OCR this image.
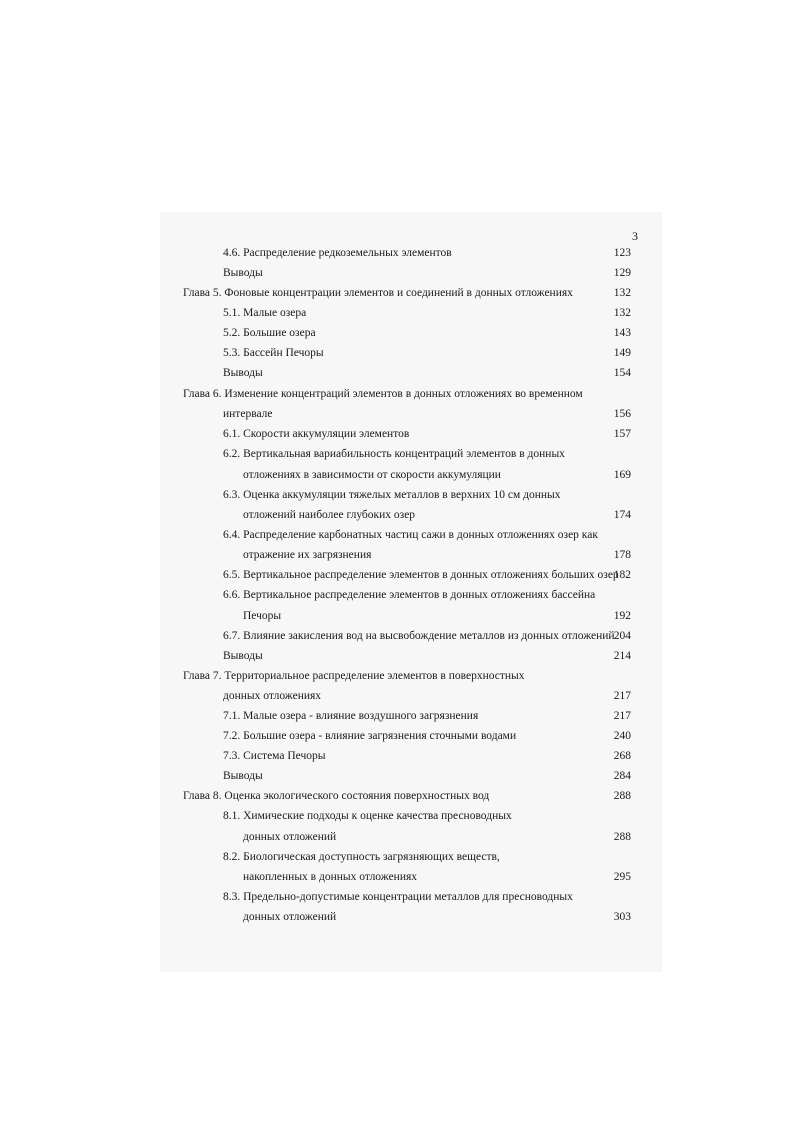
3
4.6. Распределение редкоземельных элементов	123
Выводы	129
Глава 5. Фоновые концентрации элементов и соединений в донных отложениях	132
5.1. Малые озера	132
5.2. Большие озера	143
5.3. Бассейн Печоры	149
Выводы	154
Глава 6. Изменение концентраций элементов в донных отложениях во временном
интервале	156
6.1. Скорости аккумуляции элементов	157
6.2. Вертикальная вариабильность концентраций элементов в донных
отложениях в зависимости от скорости аккумуляции	169
6.3. Оценка аккумуляции тяжелых металлов в верхних 10 см донных
отложений наиболее глубоких озер	174
6.4. Распределение карбонатных частиц сажи в донных отложениях озер как
отражение их загрязнения	178
6.5. Вертикальное распределение элементов в донных отложениях больших озер
182
6.6. Вертикальное распределение элементов в донных отложениях бассейна
Печоры	192
6.7. Влияние закисления вод на высвобождение металлов из донных отложений 204
Выводы	214
Глава 7. Территориальное распределение элементов в поверхностных
донных отложениях	217
7.1. Малые озера - влияние воздушного загрязнения	217
7.2. Большие озера - влияние загрязнения сточными водами	240
7.3. Система Печоры	268
Выводы	284
Глава 8. Оценка экологического состояния поверхностных вод	288
8.1. Химические подходы к оценке качества пресноводных
донных отложений	288
8.2. Биологическая доступность загрязняющих веществ,
накопленных в донных отложениях	295
8.3. Предельно-допустимые концентрации металлов для пресноводных
донных отложений	303
